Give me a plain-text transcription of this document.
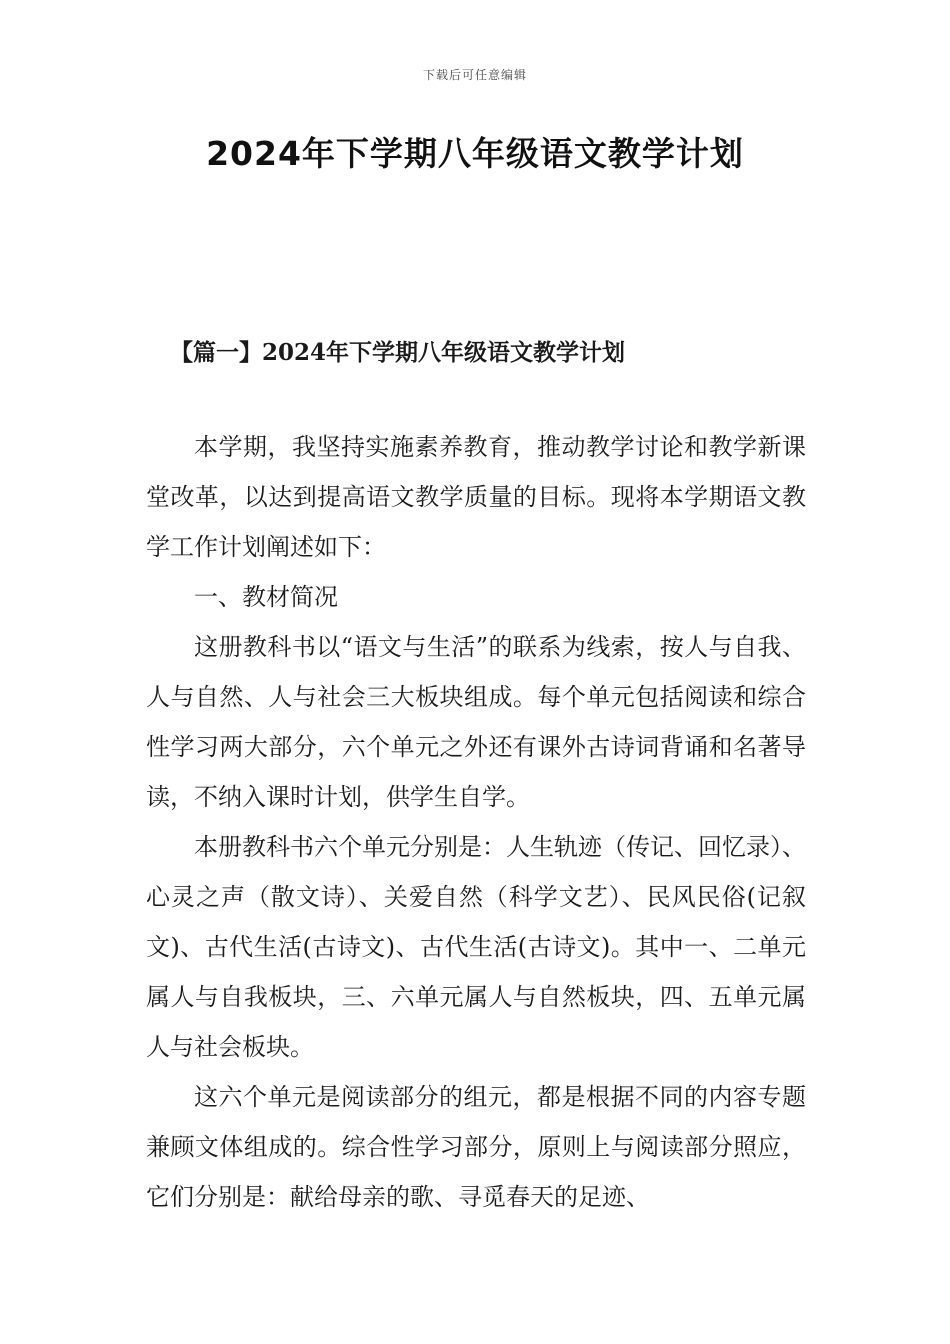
下载后可任意编辑
2024年下学期八年级语文教学计划
【篇一】2024年下学期八年级语文教学计划

本学期，我坚持实施素养教育，推动教学讨论和教学新课堂改革，以达到提高语文教学质量的目标。现将本学期语文教学工作计划阐述如下：

一、教材简况

这册教科书以“语文与生活”的联系为线索，按人与自我、人与自然、人与社会三大板块组成。每个单元包括阅读和综合性学习两大部分，六个单元之外还有课外古诗词背诵和名著导读，不纳入课时计划，供学生自学。

本册教科书六个单元分别是：人生轨迹（传记、回忆录）、心灵之声（散文诗）、关爱自然（科学文艺）、民风民俗(记叙文)、古代生活(古诗文)、古代生活(古诗文)。其中一、二单元属人与自我板块，三、六单元属人与自然板块，四、五单元属人与社会板块。

这六个单元是阅读部分的组元，都是根据不同的内容专题兼顾文体组成的。综合性学习部分，原则上与阅读部分照应，它们分别是：献给母亲的歌、寻觅春天的足迹、
